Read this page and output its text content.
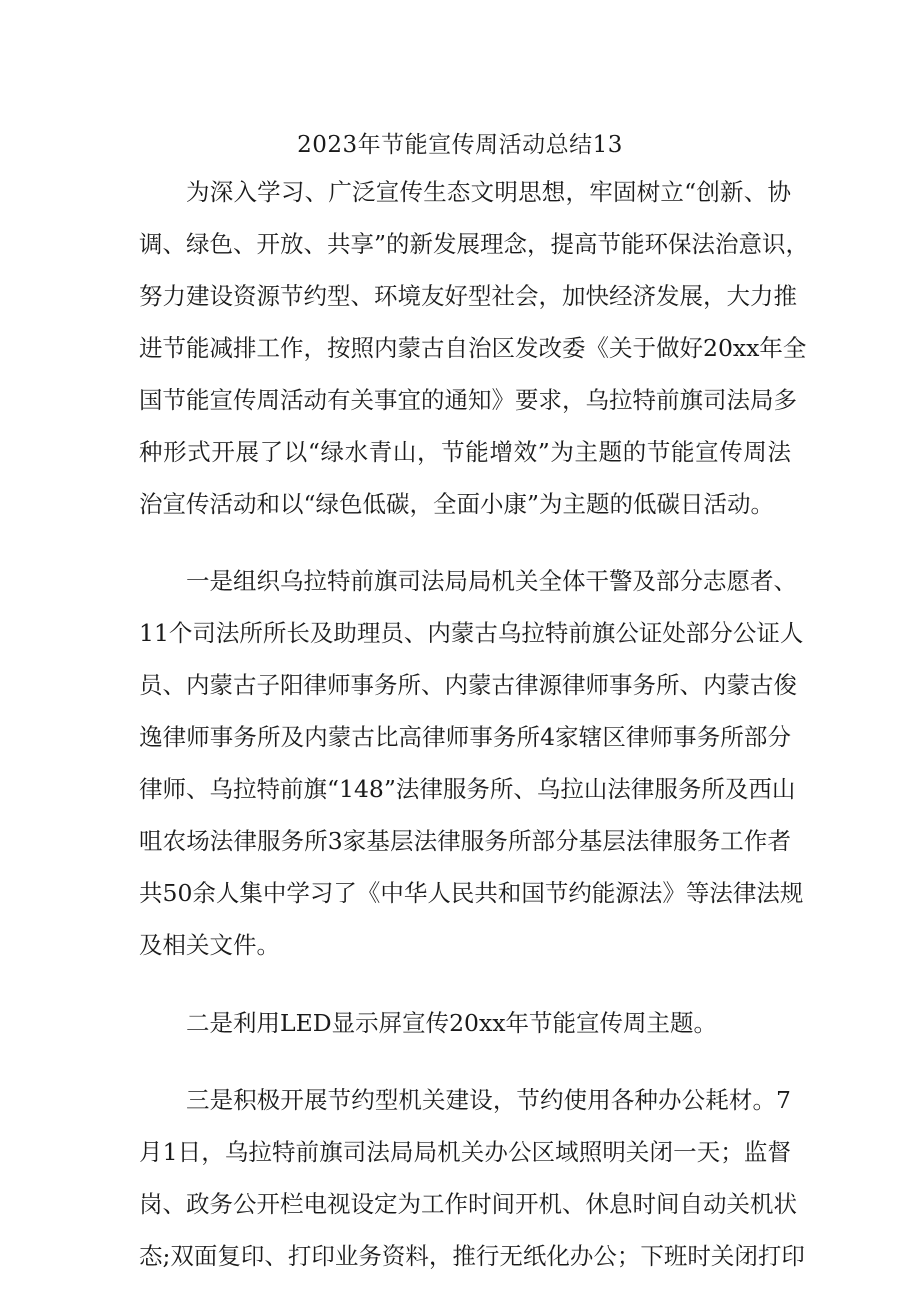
2023年节能宣传周活动总结13
为深入学习、广泛宣传生态文明思想，牢固树立“创新、协
调、绿色、开放、共享”的新发展理念，提高节能环保法治意识，
努力建设资源节约型、环境友好型社会，加快经济发展，大力推
进节能减排工作，按照内蒙古自治区发改委《关于做好20xx年全
国节能宣传周活动有关事宜的通知》要求，乌拉特前旗司法局多
种形式开展了以“绿水青山，节能增效”为主题的节能宣传周法
治宣传活动和以“绿色低碳，全面小康”为主题的低碳日活动。
一是组织乌拉特前旗司法局局机关全体干警及部分志愿者、
11个司法所所长及助理员、内蒙古乌拉特前旗公证处部分公证人
员、内蒙古子阳律师事务所、内蒙古律源律师事务所、内蒙古俊
逸律师事务所及内蒙古比高律师事务所4家辖区律师事务所部分
律师、乌拉特前旗“148”法律服务所、乌拉山法律服务所及西山
咀农场法律服务所3家基层法律服务所部分基层法律服务工作者
共50余人集中学习了《中华人民共和国节约能源法》等法律法规
及相关文件。
二是利用LED显示屏宣传20xx年节能宣传周主题。
三是积极开展节约型机关建设，节约使用各种办公耗材。7
月1日，乌拉特前旗司法局局机关办公区域照明关闭一天；监督
岗、政务公开栏电视设定为工作时间开机、休息时间自动关机状
态;双面复印、打印业务资料，推行无纸化办公；下班时关闭打印
